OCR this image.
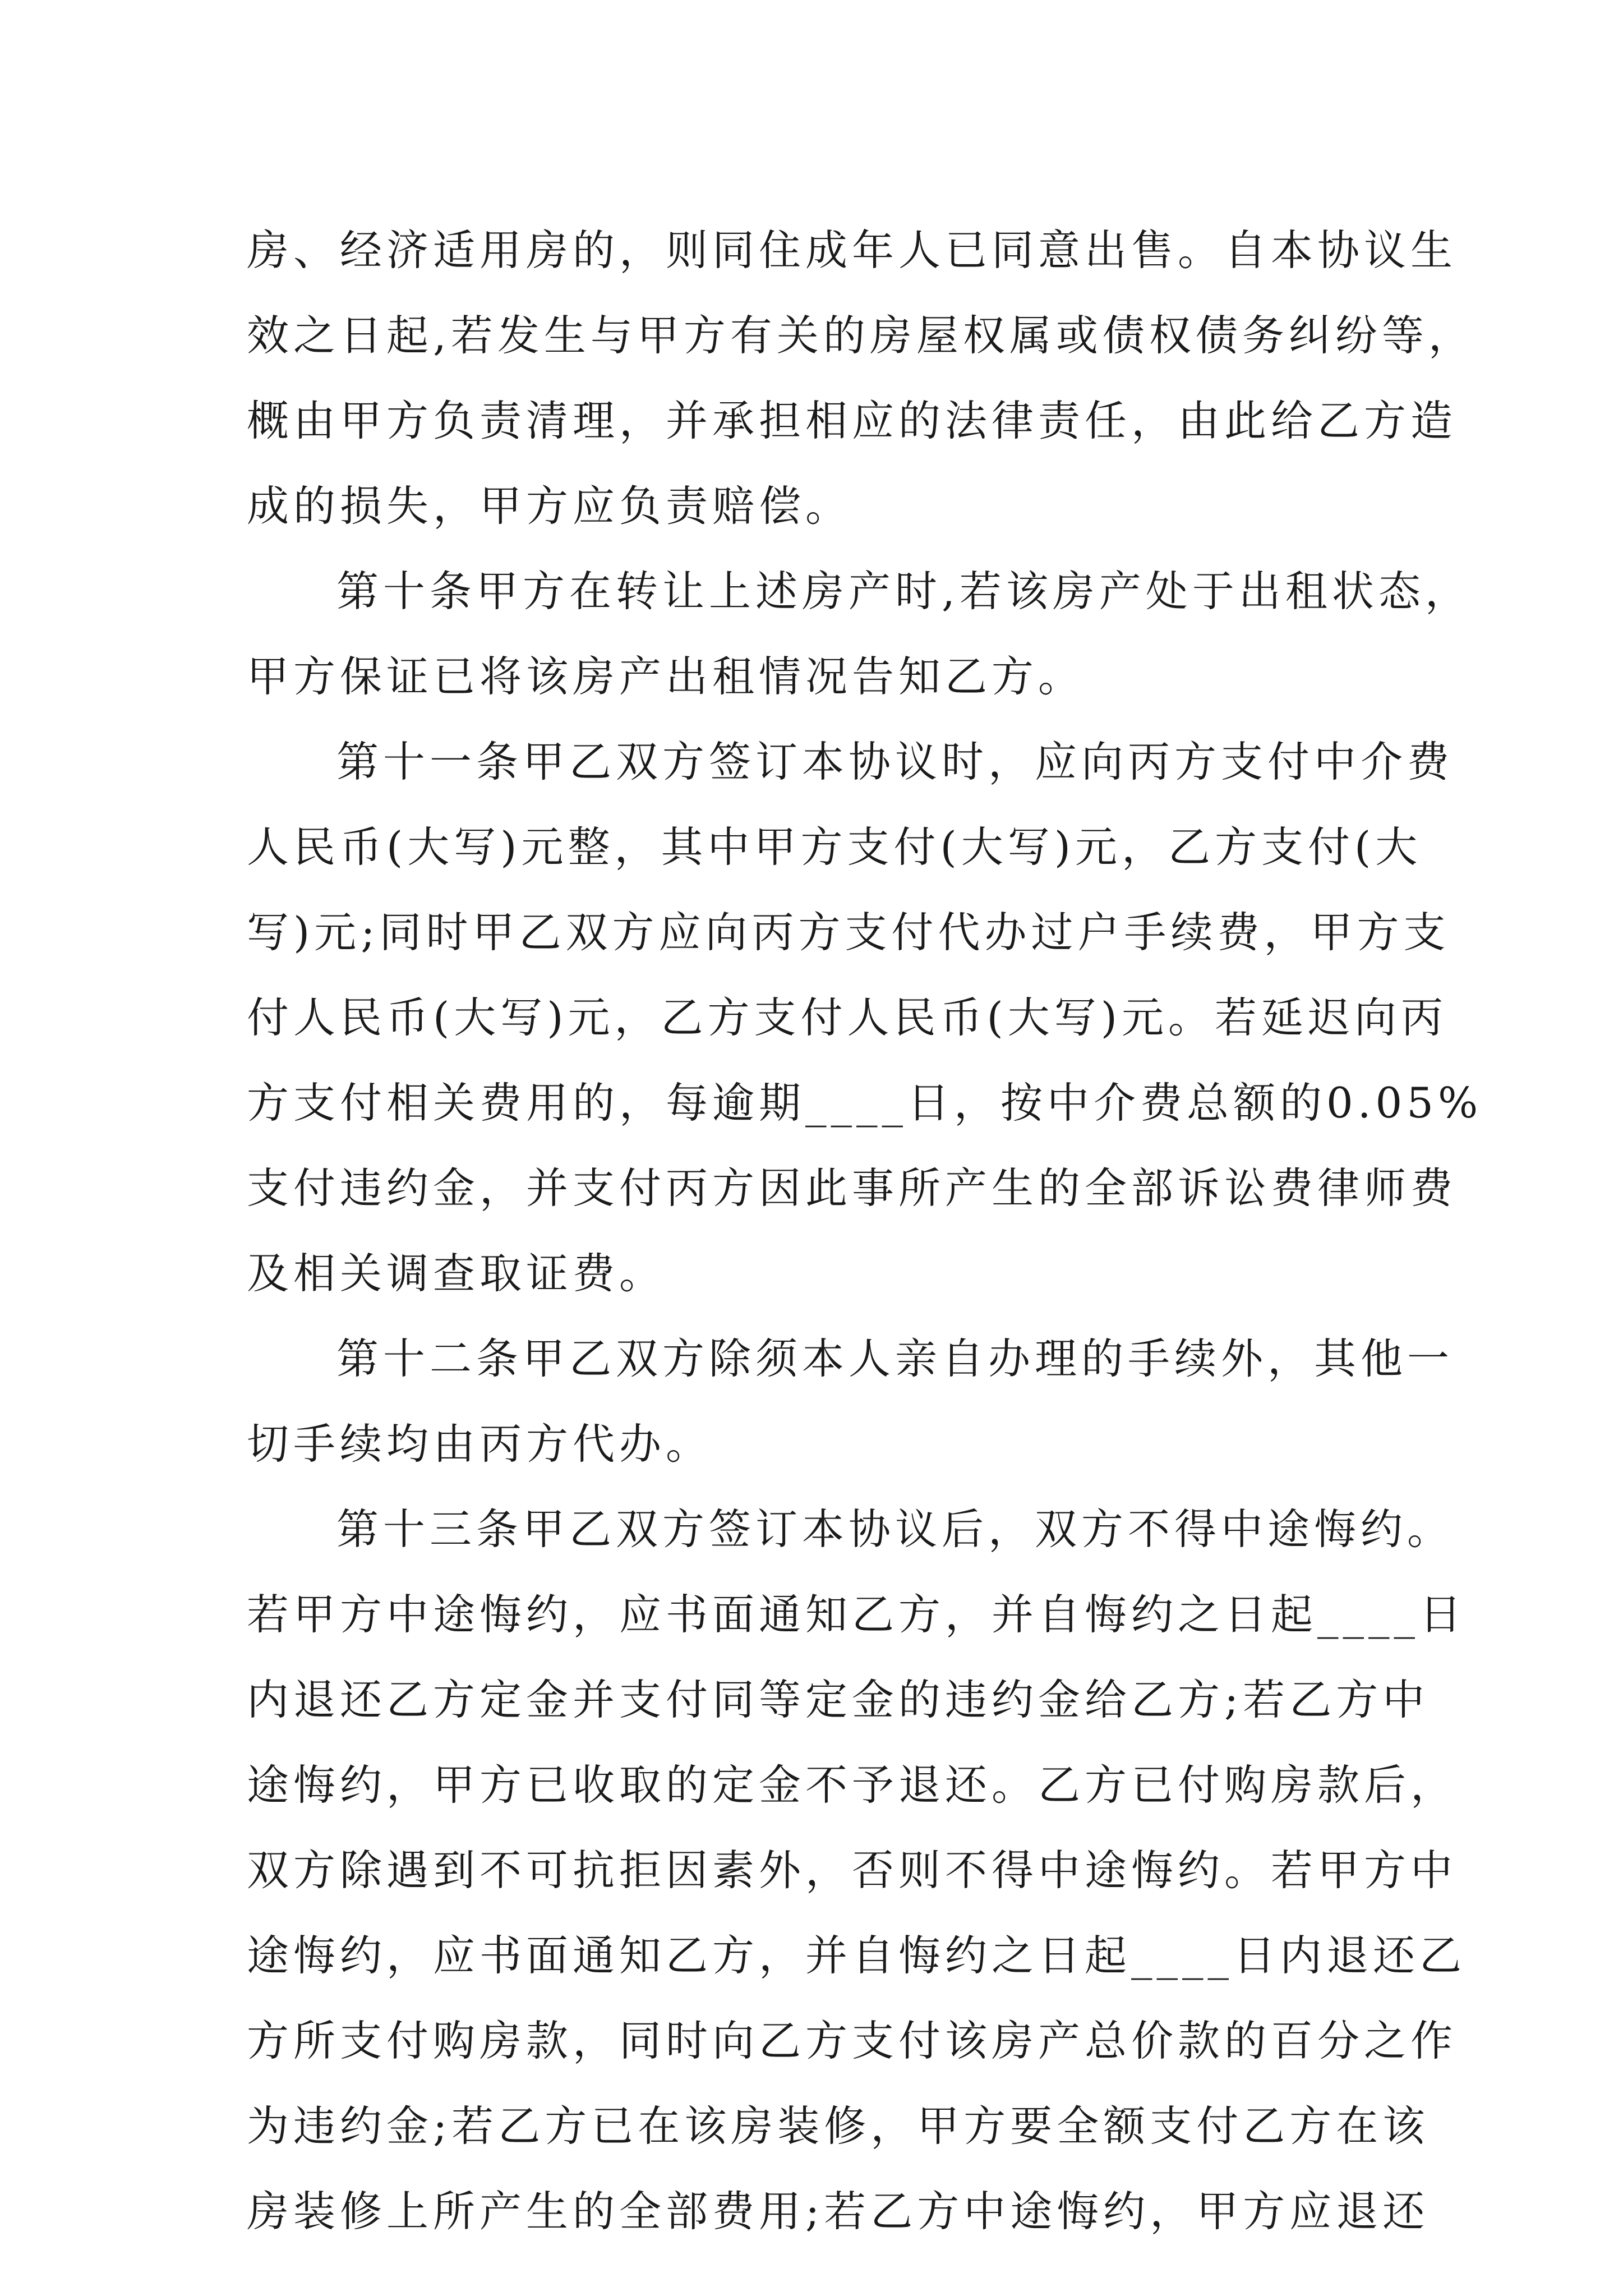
房、经济适用房的，则同住成年人已同意出售。自本协议生
效之日起,若发生与甲方有关的房屋权属或债权债务纠纷等，
概由甲方负责清理，并承担相应的法律责任，由此给乙方造
成的损失，甲方应负责赔偿。
第十条甲方在转让上述房产时,若该房产处于出租状态，
甲方保证已将该房产出租情况告知乙方。
第十一条甲乙双方签订本协议时，应向丙方支付中介费
人民币(大写)元整，其中甲方支付(大写)元，乙方支付(大
写)元;同时甲乙双方应向丙方支付代办过户手续费，甲方支
付人民币(大写)元，乙方支付人民币(大写)元。若延迟向丙
方支付相关费用的，每逾期____日，按中介费总额的0.05%
支付违约金，并支付丙方因此事所产生的全部诉讼费律师费
及相关调查取证费。
第十二条甲乙双方除须本人亲自办理的手续外，其他一
切手续均由丙方代办。
第十三条甲乙双方签订本协议后，双方不得中途悔约。
若甲方中途悔约，应书面通知乙方，并自悔约之日起____日
内退还乙方定金并支付同等定金的违约金给乙方;若乙方中
途悔约，甲方已收取的定金不予退还。乙方已付购房款后，
双方除遇到不可抗拒因素外，否则不得中途悔约。若甲方中
途悔约，应书面通知乙方，并自悔约之日起____日内退还乙
方所支付购房款，同时向乙方支付该房产总价款的百分之作
为违约金;若乙方已在该房装修，甲方要全额支付乙方在该
房装修上所产生的全部费用;若乙方中途悔约，甲方应退还
